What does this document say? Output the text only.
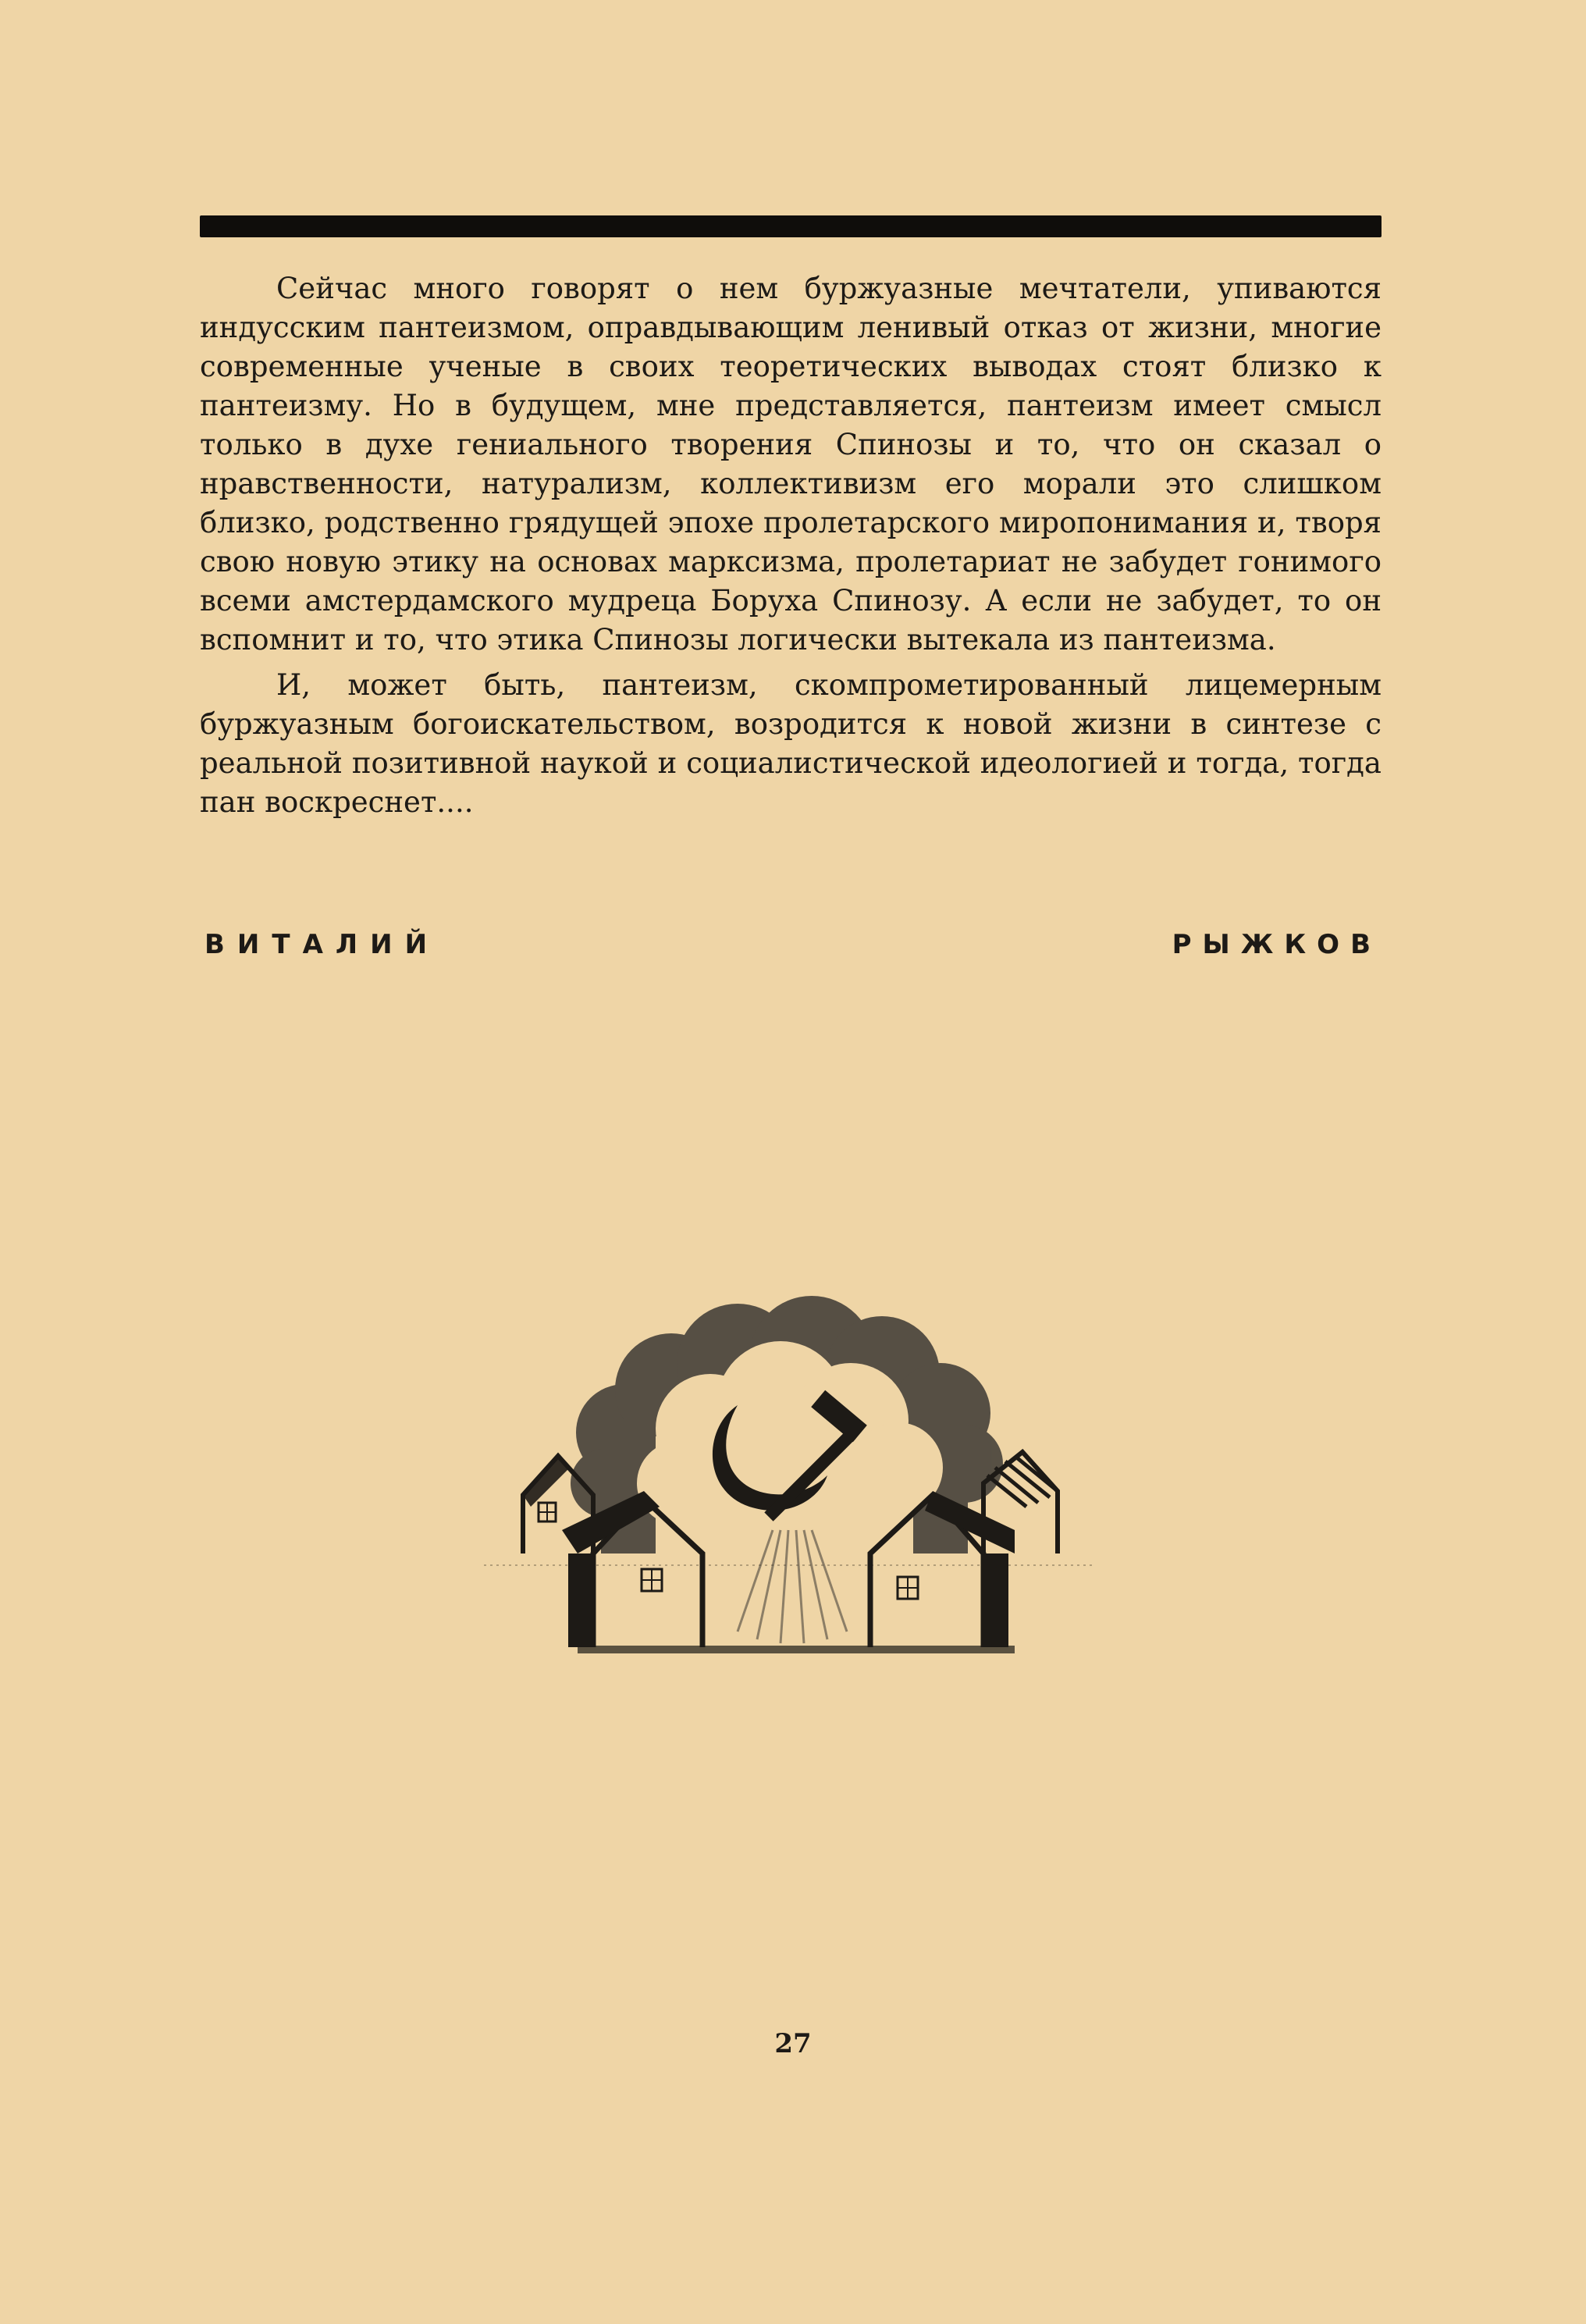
Сейчас много говорят о нем буржуазные мечтатели, упиваются индусским пантеизмом, оправдывающим ленивый отказ от жизни, многие современные ученые в своих теоретических выводах стоят близко к пантеизму. Но в будущем, мне представляется, пантеизм имеет смысл только в духе гениального творения Спинозы и то, что он сказал о нравственности, натурализм, коллективизм его морали это слишком близко, родственно грядущей эпохе пролетарского миропонимания и, творя свою новую этику на основах марксизма, пролетариат не забудет гонимого всеми амстердамского мудреца Боруха Спинозу. А если не забудет, то он вспомнит и то, что этика Спинозы логически вытекала из пантеизма.

И, может быть, пантеизм, скомпрометированный лицемерным буржуазным богоискательством, возродится к новой жизни в синтезе с реальной позитивной наукой и социалистической идеологией и тогда, тогда пан воскреснет....

ВИТАЛИЙ	РЫЖКОВ
27
